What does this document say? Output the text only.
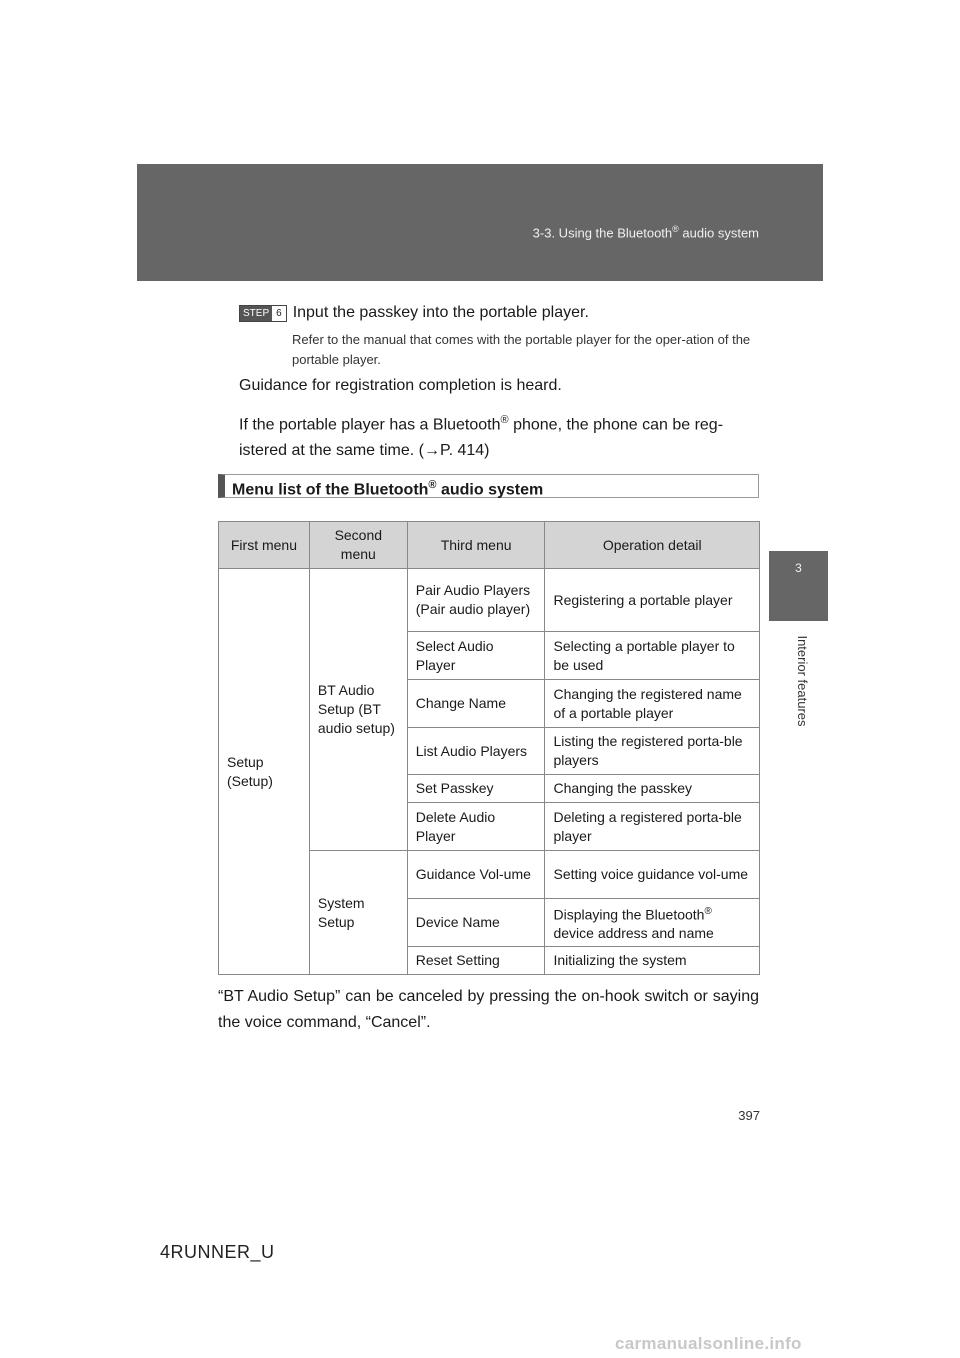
3-3. Using the Bluetooth® audio system
3
Interior features
STEP 6 Input the passkey into the portable player.
Refer to the manual that comes with the portable player for the oper-ation of the portable player.
Guidance for registration completion is heard.
If the portable player has a Bluetooth® phone, the phone can be reg-istered at the same time. (→P. 414)
Menu list of the Bluetooth® audio system
First menu	Second menu	Third menu	Operation detail
Setup (Setup)	BT Audio Setup (BT audio setup)	Pair Audio Players (Pair audio player)	Registering a portable player
		Select Audio Player	Selecting a portable player to be used
		Change Name	Changing the registered name of a portable player
		List Audio Players	Listing the registered porta-ble players
		Set Passkey	Changing the passkey
		Delete Audio Player	Deleting a registered porta-ble player
	System Setup	Guidance Vol-ume	Setting voice guidance vol-ume
		Device Name	Displaying the Bluetooth® device address and name
		Reset Setting	Initializing the system
“BT Audio Setup” can be canceled by pressing the on-hook switch or saying the voice command, “Cancel”.
397
4RUNNER_U
carmanualsonline.info
